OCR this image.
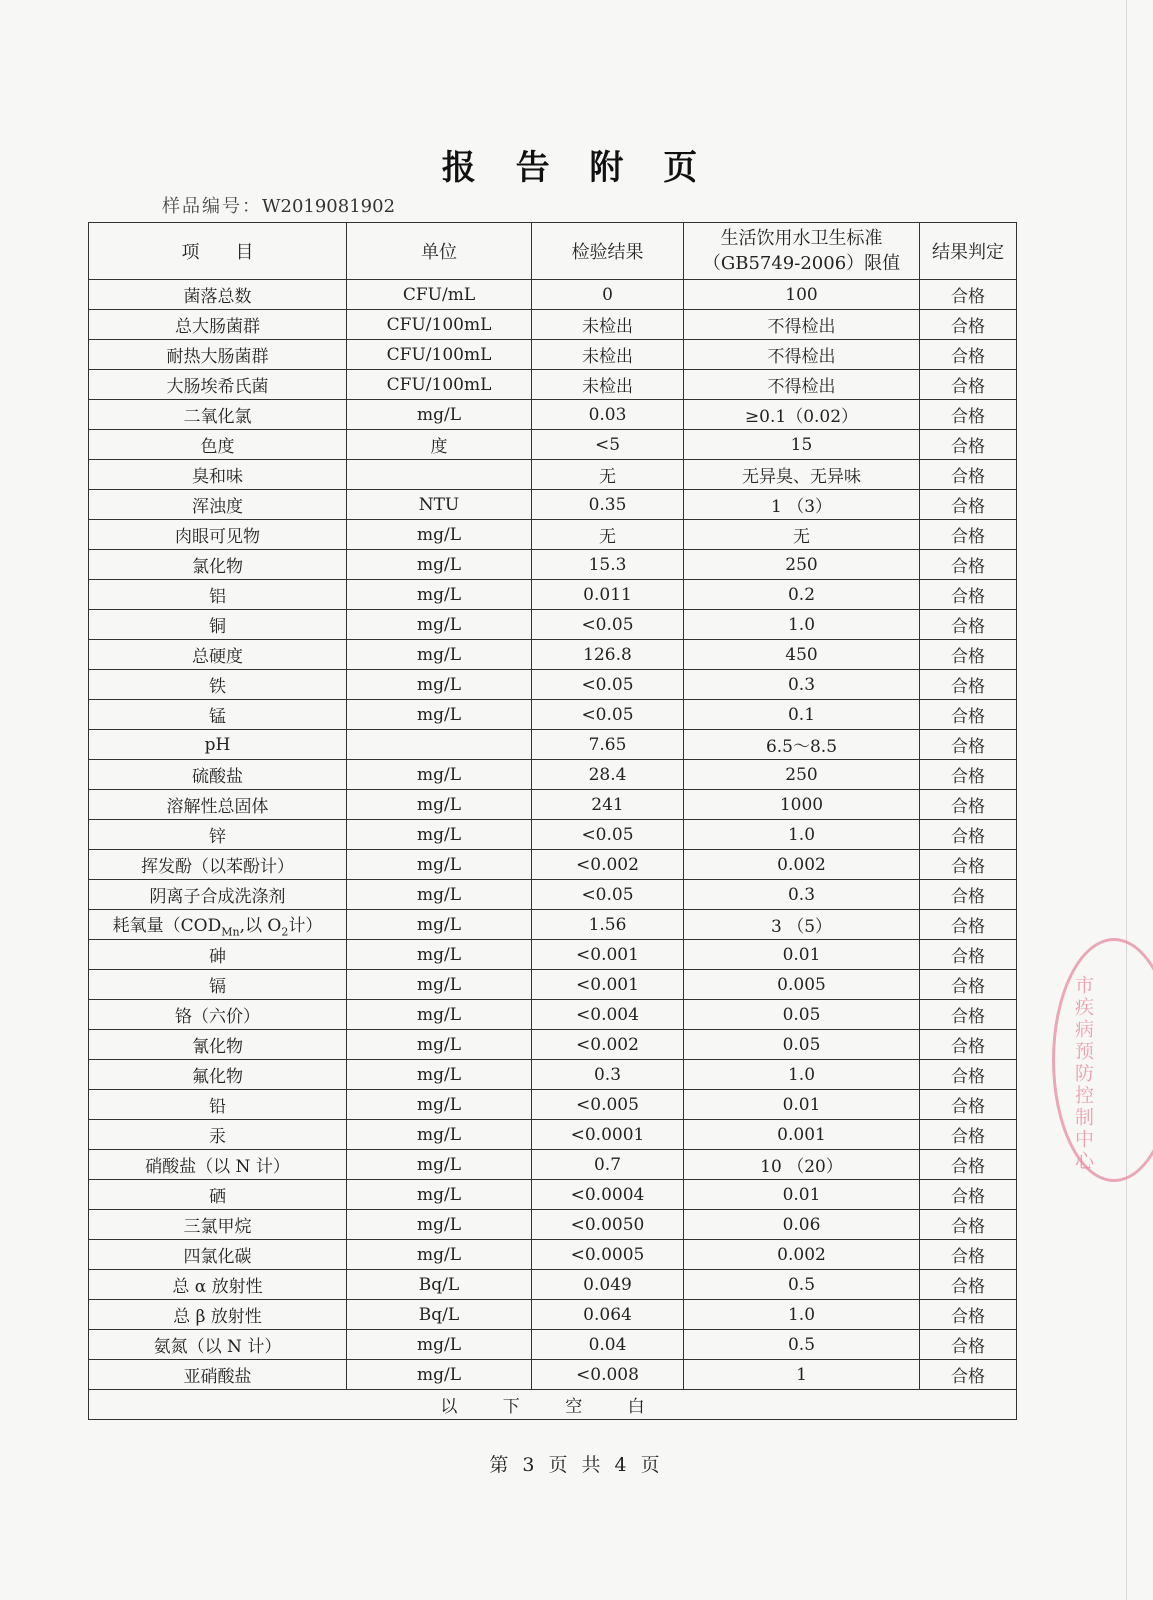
报 告 附 页
样品编号：W2019081902
项　　目	单位	检验结果	生活饮用水卫生标准
（GB5749-2006）限值	结果判定
菌落总数	CFU/mL	0	100	合格
总大肠菌群	CFU/100mL	未检出	不得检出	合格
耐热大肠菌群	CFU/100mL	未检出	不得检出	合格
大肠埃希氏菌	CFU/100mL	未检出	不得检出	合格
二氧化氯	mg/L	0.03	≥0.1（0.02）	合格
色度	度	<5	15	合格
臭和味		无	无异臭、无异味	合格
浑浊度	NTU	0.35	1 （3）	合格
肉眼可见物	mg/L	无	无	合格
氯化物	mg/L	15.3	250	合格
铝	mg/L	0.011	0.2	合格
铜	mg/L	<0.05	1.0	合格
总硬度	mg/L	126.8	450	合格
铁	mg/L	<0.05	0.3	合格
锰	mg/L	<0.05	0.1	合格
pH		7.65	6.5～8.5	合格
硫酸盐	mg/L	28.4	250	合格
溶解性总固体	mg/L	241	1000	合格
锌	mg/L	<0.05	1.0	合格
挥发酚（以苯酚计）	mg/L	<0.002	0.002	合格
阴离子合成洗涤剂	mg/L	<0.05	0.3	合格
耗氧量（$COD_{Mn}$,以 $O_2$计）	mg/L	1.56	3 （5）	合格
砷	mg/L	<0.001	0.01	合格
镉	mg/L	<0.001	0.005	合格
铬（六价）	mg/L	<0.004	0.05	合格
氰化物	mg/L	<0.002	0.05	合格
氟化物	mg/L	0.3	1.0	合格
铅	mg/L	<0.005	0.01	合格
汞	mg/L	<0.0001	0.001	合格
硝酸盐（以 N 计）	mg/L	0.7	10 （20）	合格
硒	mg/L	<0.0004	0.01	合格
三氯甲烷	mg/L	<0.0050	0.06	合格
四氯化碳	mg/L	<0.0005	0.002	合格
总 α 放射性	Bq/L	0.049	0.5	合格
总 β 放射性	Bq/L	0.064	1.0	合格
氨氮（以 N 计）	mg/L	0.04	0.5	合格
亚硝酸盐	mg/L	<0.008	1	合格
以 下 空 白				
第 3 页 共 4 页
市疾病预防控制中心
